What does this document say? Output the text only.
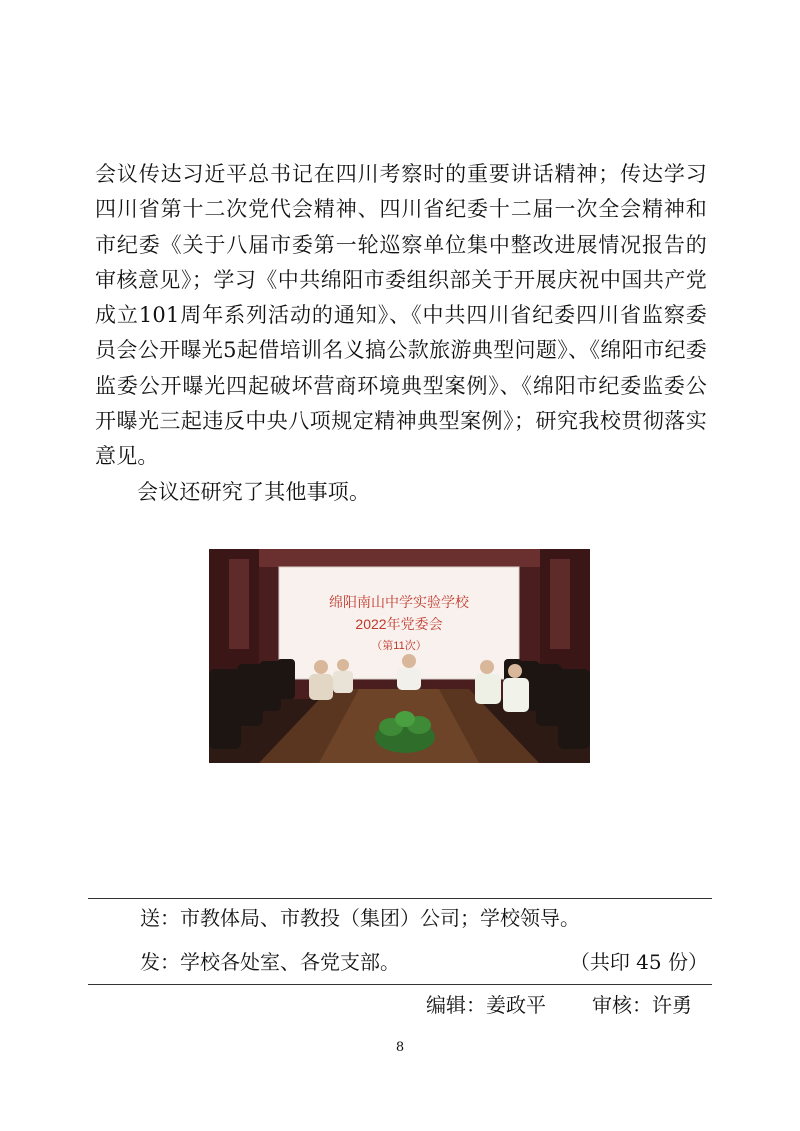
会议传达习近平总书记在四川考察时的重要讲话精神；传达学习四川省第十二次党代会精神、四川省纪委十二届一次全会精神和市纪委《关于八届市委第一轮巡察单位集中整改进展情况报告的审核意见》；学习《中共绵阳市委组织部关于开展庆祝中国共产党成立101周年系列活动的通知》、《中共四川省纪委四川省监察委员会公开曝光5起借培训名义搞公款旅游典型问题》、《绵阳市纪委监委公开曝光四起破坏营商环境典型案例》、《绵阳市纪委监委公开曝光三起违反中央八项规定精神典型案例》；研究我校贯彻落实意见。

会议还研究了其他事项。

绵阳南山中学实验学校
2022年党委会
（第11次）
送：市教体局、市教投（集团）公司；学校领导。
发：学校各处室、各党支部。	（共印 45 份）
编辑：姜政平 审核：许勇
8
